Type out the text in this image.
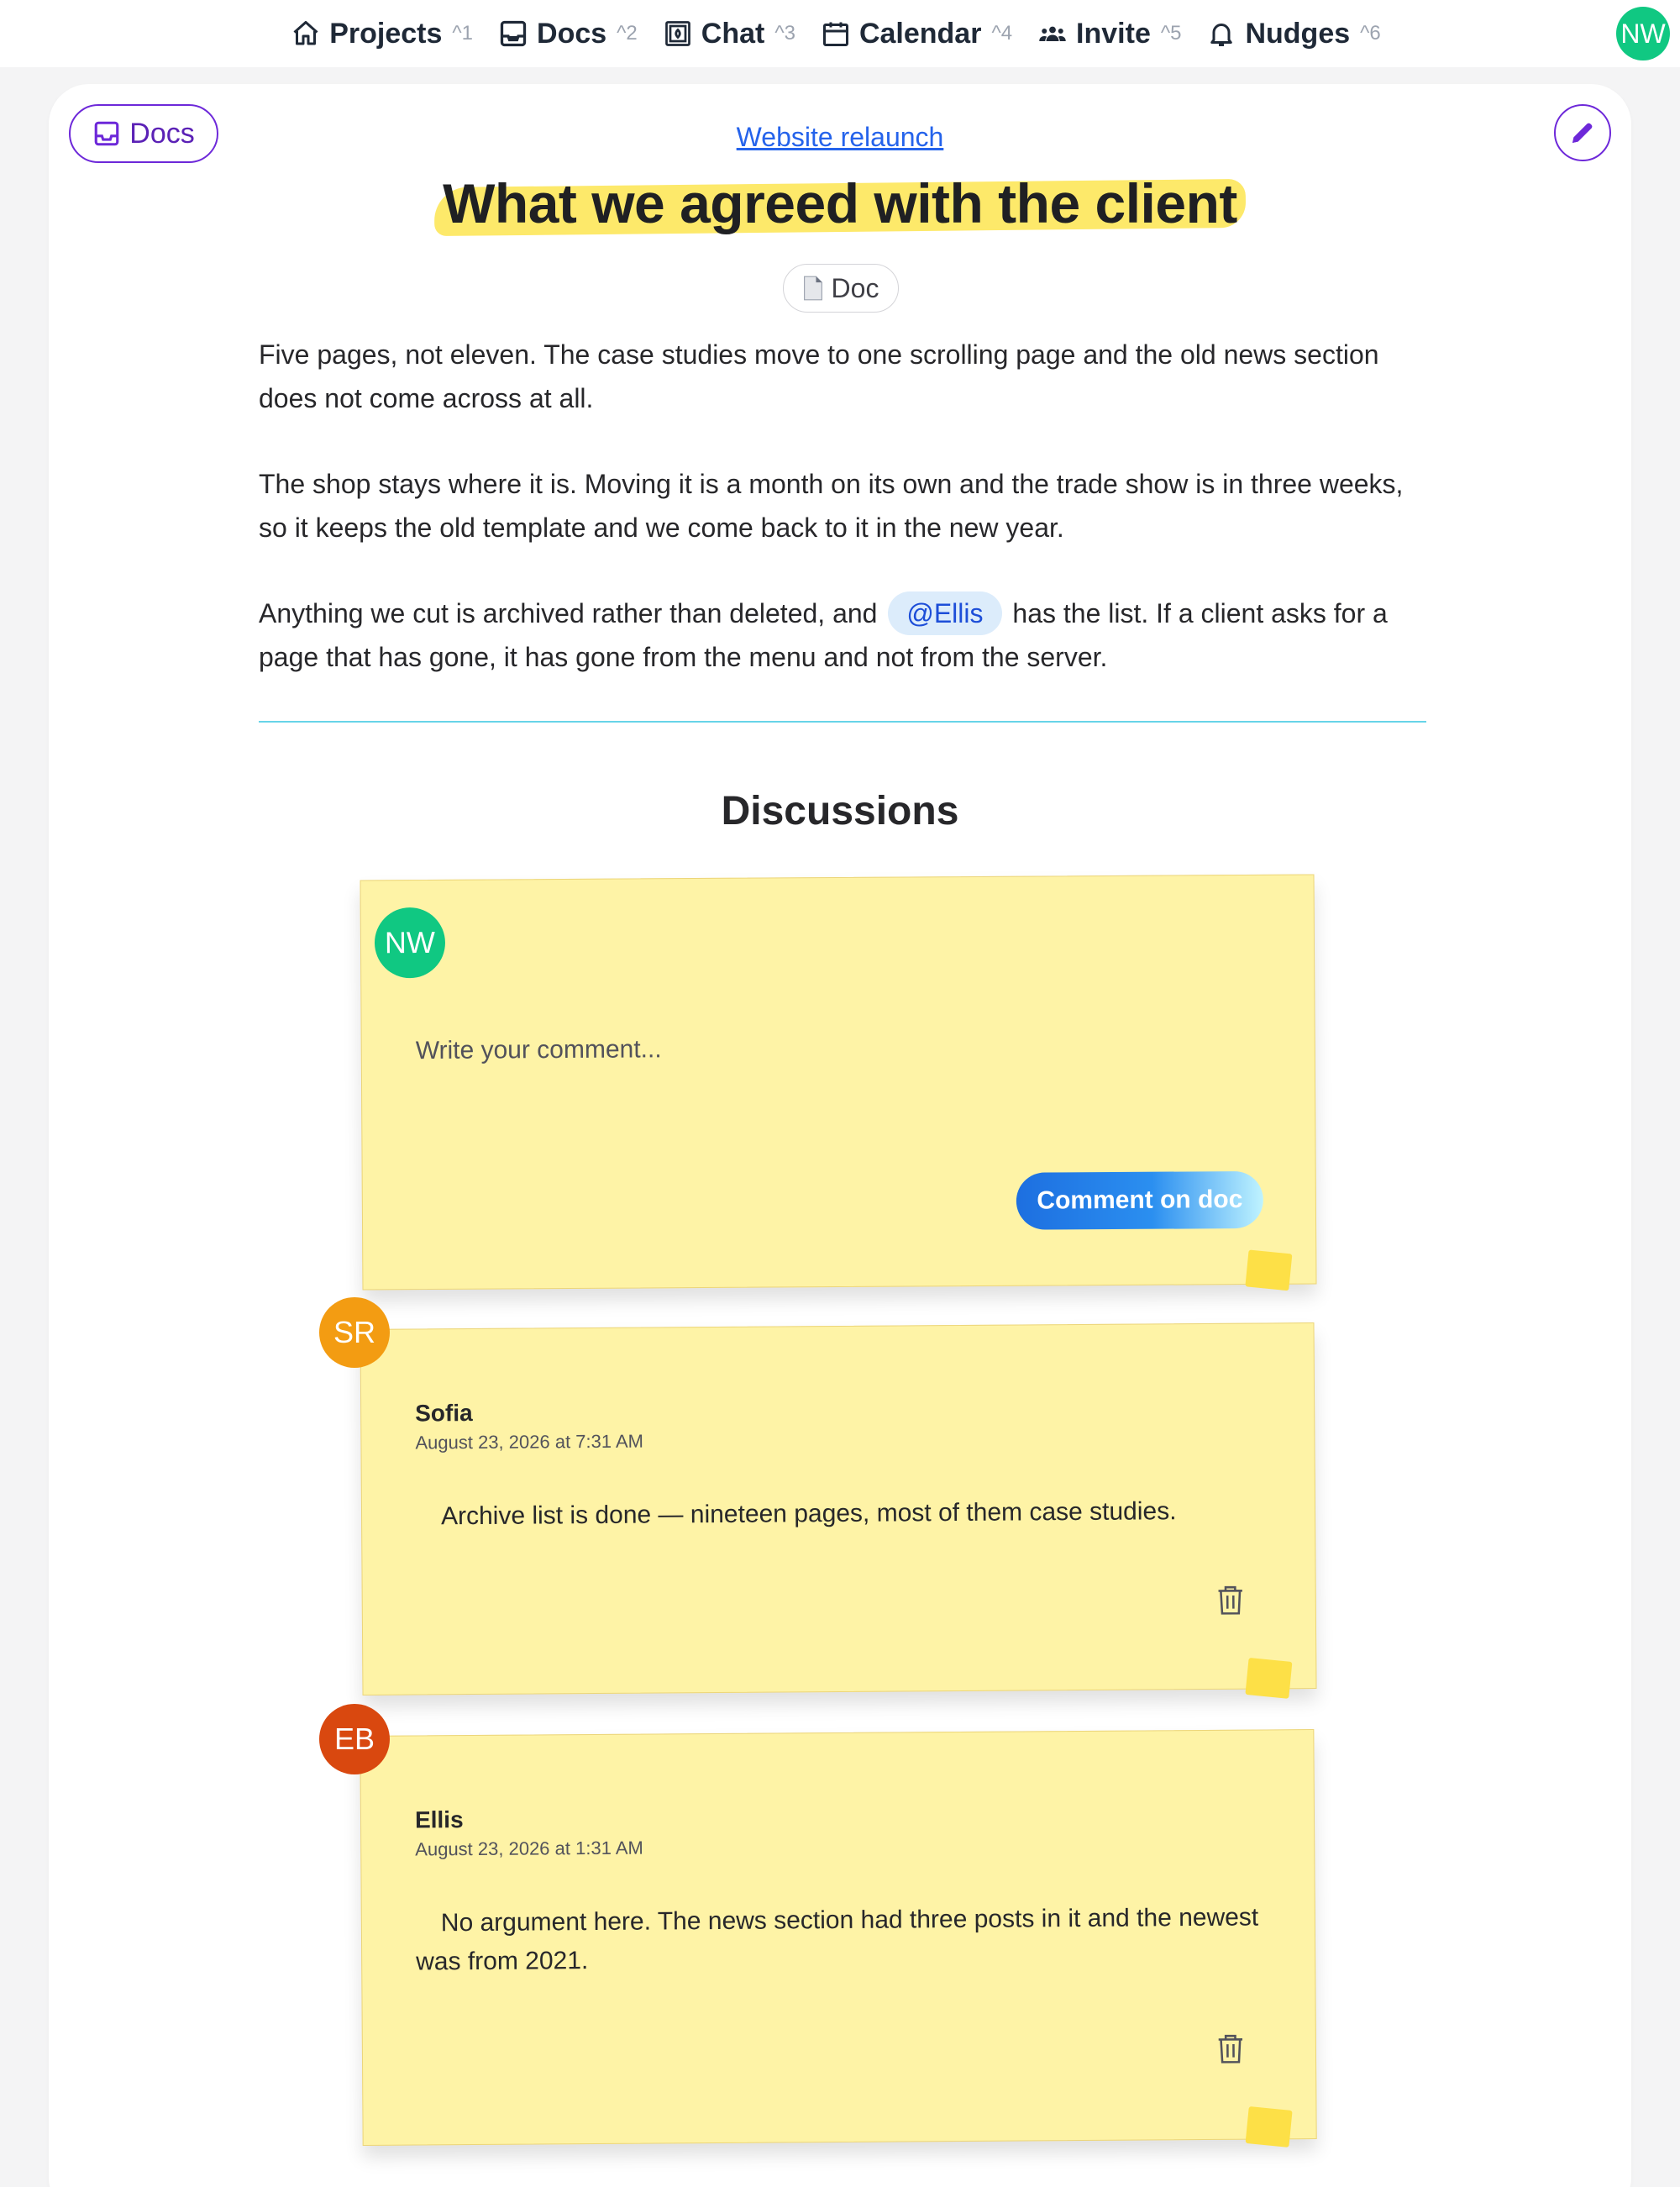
Projects ^1 Docs ^2 Chat ^3 Calendar ^4 Invite ^5 Nudges ^6	NW
Docs	Website relaunch
What we agreed with the client
Doc

Five pages, not eleven. The case studies move to one scrolling page and the old news section does not come across at all.

The shop stays where it is. Moving it is a month on its own and the trade show is in three weeks, so it keeps the old template and we come back to it in the new year.

Anything we cut is archived rather than deleted, and @Ellis has the list. If a client asks for a page that has gone, it has gone from the menu and not from the server.

Discussions
NW
Write your comment...
Comment on doc
Sofia
August 23, 2026 at 7:31 AM
Archive list is done — nineteen pages, most of them case studies.
SR
Ellis
August 23, 2026 at 1:31 AM
No argument here. The news section had three posts in it and the newest was from 2021.
EB
